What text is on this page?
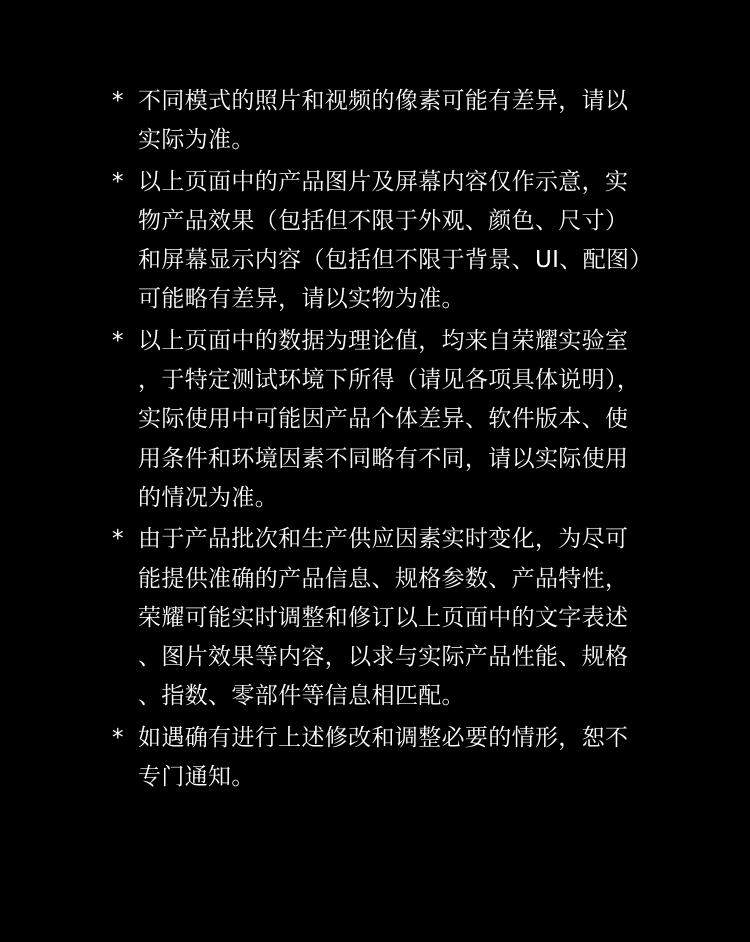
* 不同模式的照片和视频的像素可能有差异，请以实际为准。
* 以上页面中的产品图片及屏幕内容仅作示意，实物产品效果（包括但不限于外观、颜色、尺寸）和屏幕显示内容（包括但不限于背景、UI、配图）可能略有差异，请以实物为准。
* 以上页面中的数据为理论值，均来自荣耀实验室，于特定测试环境下所得（请见各项具体说明），实际使用中可能因产品个体差异、软件版本、使用条件和环境因素不同略有不同，请以实际使用的情况为准。
* 由于产品批次和生产供应因素实时变化，为尽可能提供准确的产品信息、规格参数、产品特性，荣耀可能实时调整和修订以上页面中的文字表述、图片效果等内容，以求与实际产品性能、规格、指数、零部件等信息相匹配。
* 如遇确有进行上述修改和调整必要的情形，恕不专门通知。
